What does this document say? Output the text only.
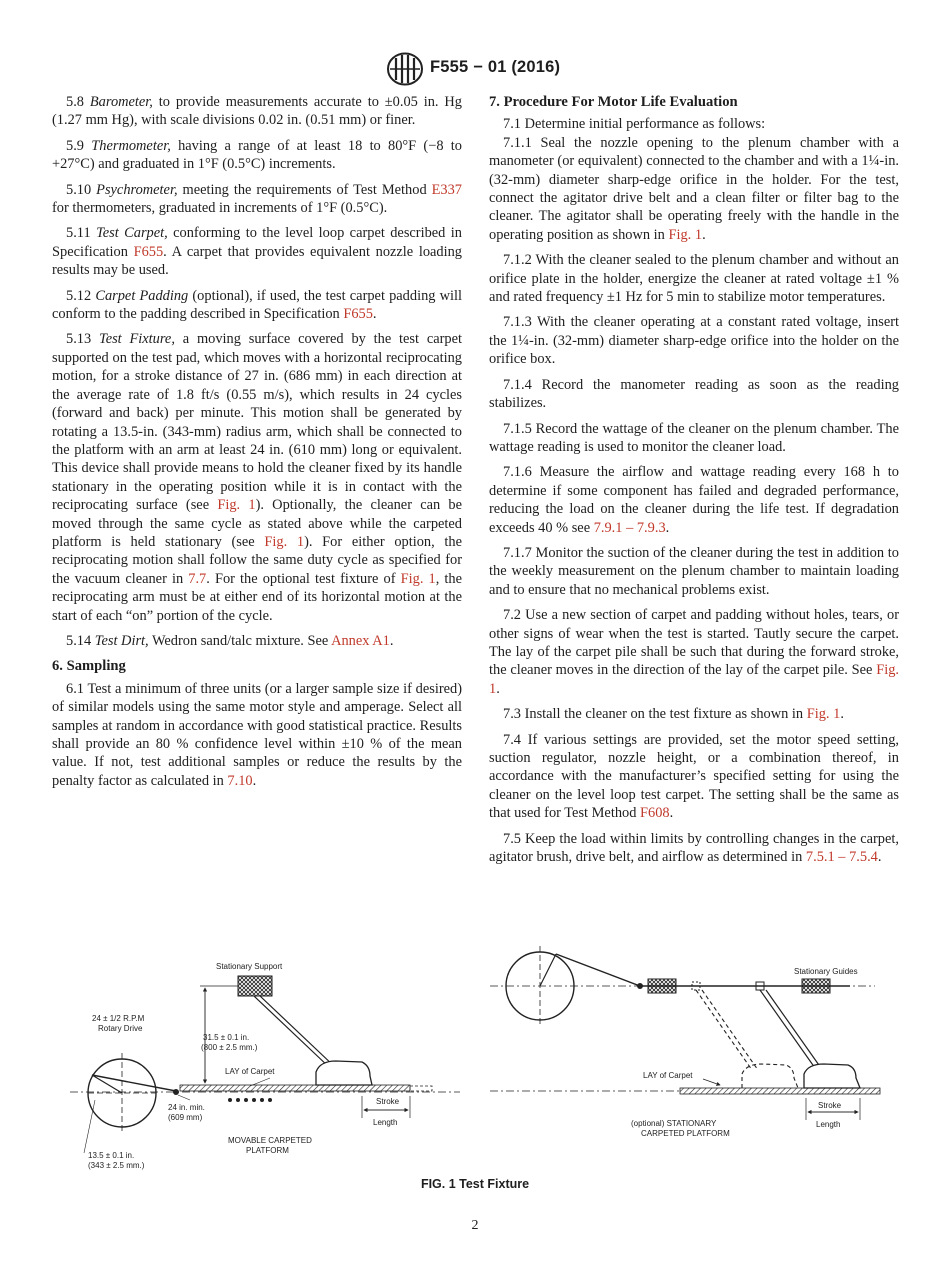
F555 − 01 (2016)

5.8 Barometer, to provide measurements accurate to ±0.05 in. Hg (1.27 mm Hg), with scale divisions 0.02 in. (0.51 mm) or finer.

5.9 Thermometer, having a range of at least 18 to 80°F (−8 to +27°C) and graduated in 1°F (0.5°C) increments.

5.10 Psychrometer, meeting the requirements of Test Method E337 for thermometers, graduated in increments of 1°F (0.5°C).

5.11 Test Carpet, conforming to the level loop carpet described in Specification F655. A carpet that provides equivalent nozzle loading results may be used.

5.12 Carpet Padding (optional), if used, the test carpet padding will conform to the padding described in Specification F655.

5.13 Test Fixture, a moving surface covered by the test carpet supported on the test pad, which moves with a horizontal reciprocating motion, for a stroke distance of 27 in. (686 mm) in each direction at the average rate of 1.8 ft/s (0.55 m/s), which results in 24 cycles (forward and back) per minute. This motion shall be generated by rotating a 13.5-in. (343-mm) radius arm, which shall be connected to the platform with an arm at least 24 in. (610 mm) long or equivalent. This device shall provide means to hold the cleaner fixed by its handle stationary in the operating position while it is in contact with the reciprocating surface (see Fig. 1). Optionally, the cleaner can be moved through the same cycle as stated above while the carpeted platform is held stationary (see Fig. 1). For either option, the reciprocating motion shall follow the same duty cycle as specified for the vacuum cleaner in 7.7. For the optional test fixture of Fig. 1, the reciprocating arm must be at either end of its horizontal motion at the start of each “on” portion of the cycle.

5.14 Test Dirt, Wedron sand/talc mixture. See Annex A1.

6. Sampling

6.1 Test a minimum of three units (or a larger sample size if desired) of similar models using the same motor style and amperage. Select all samples at random in accordance with good statistical practice. Results shall provide an 80 % confidence level within ±10 % of the mean value. If not, test additional samples or reduce the results by the penalty factor as calculated in 7.10.

7. Procedure For Motor Life Evaluation

7.1 Determine initial performance as follows:

7.1.1 Seal the nozzle opening to the plenum chamber with a manometer (or equivalent) connected to the chamber and with a 1¼-in. (32-mm) diameter sharp-edge orifice in the holder. For the test, connect the agitator drive belt and a clean filter or filter bag to the cleaner. The agitator shall be operating freely with the handle in the operating position as shown in Fig. 1.

7.1.2 With the cleaner sealed to the plenum chamber and without an orifice plate in the holder, energize the cleaner at rated voltage ±1 % and rated frequency ±1 Hz for 5 min to stabilize motor temperatures.

7.1.3 With the cleaner operating at a constant rated voltage, insert the 1¼-in. (32-mm) diameter sharp-edge orifice into the holder on the orifice box.

7.1.4 Record the manometer reading as soon as the reading stabilizes.

7.1.5 Record the wattage of the cleaner on the plenum chamber. The wattage reading is used to monitor the cleaner load.

7.1.6 Measure the airflow and wattage reading every 168 h to determine if some component has failed and degraded performance, reducing the load on the cleaner during the life test. If degradation exceeds 40 % see 7.9.1 – 7.9.3.

7.1.7 Monitor the suction of the cleaner during the test in addition to the weekly measurement on the plenum chamber to maintain loading and to ensure that no mechanical problems exist.

7.2 Use a new section of carpet and padding without holes, tears, or other signs of wear when the test is started. Tautly secure the carpet. The lay of the carpet pile shall be such that during the forward stroke, the cleaner moves in the direction of the lay of the carpet pile. See Fig. 1.

7.3 Install the cleaner on the test fixture as shown in Fig. 1.

7.4 If various settings are provided, set the motor speed setting, suction regulator, nozzle height, or a combination thereof, in accordance with the manufacturer’s specified setting for using the cleaner on the level loop test carpet. The setting shall be the same as that used for Test Method F608.

7.5 Keep the load within limits by controlling changes in the carpet, agitator brush, drive belt, and airflow as determined in 7.5.1 – 7.5.4.

Stationary Support
24 ± 1/2 R.P.M
Rotary Drive
31.5 ± 0.1 in.
(800 ± 2.5 mm.)
LAY of Carpet
24 in. min.
(609 mm)
Stroke
Length
MOVABLE CARPETED
PLATFORM
13.5 ± 0.1 in.
(343 ± 2.5 mm.)
Stationary Guides
LAY of Carpet
(optional) STATIONARY
CARPETED PLATFORM
Stroke
Length
FIG. 1 Test Fixture
2
